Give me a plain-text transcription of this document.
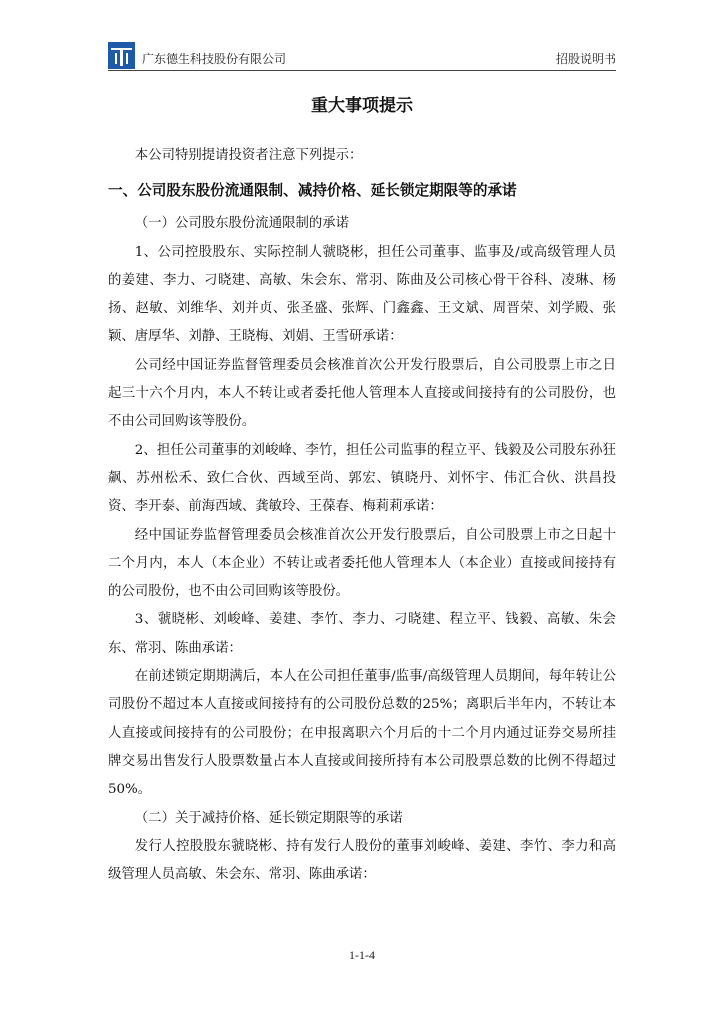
广东德生科技股份有限公司	招股说明书
重大事项提示

本公司特别提请投资者注意下列提示：

一、公司股东股份流通限制、减持价格、延长锁定期限等的承诺
（一）公司股东股份流通限制的承诺

1、公司控股股东、实际控制人虢晓彬，担任公司董事、监事及/或高级管理人员的姜建、李力、刁晓建、高敏、朱会东、常羽、陈曲及公司核心骨干谷科、凌琳、杨扬、赵敏、刘维华、刘并贞、张圣盛、张辉、门鑫鑫、王文斌、周晋荣、刘学殿、张颖、唐厚华、刘静、王晓梅、刘娟、王雪研承诺：

公司经中国证券监督管理委员会核准首次公开发行股票后，自公司股票上市之日起三十六个月内，本人不转让或者委托他人管理本人直接或间接持有的公司股份，也不由公司回购该等股份。

2、担任公司董事的刘峻峰、李竹，担任公司监事的程立平、钱毅及公司股东孙狂飙、苏州松禾、致仁合伙、西域至尚、郭宏、镇晓丹、刘怀宇、伟汇合伙、洪昌投资、李开泰、前海西域、龚敏玲、王葆春、梅莉莉承诺：

经中国证券监督管理委员会核准首次公开发行股票后，自公司股票上市之日起十二个月内，本人（本企业）不转让或者委托他人管理本人（本企业）直接或间接持有的公司股份，也不由公司回购该等股份。

3、虢晓彬、刘峻峰、姜建、李竹、李力、刁晓建、程立平、钱毅、高敏、朱会东、常羽、陈曲承诺：

在前述锁定期期满后，本人在公司担任董事/监事/高级管理人员期间，每年转让公司股份不超过本人直接或间接持有的公司股份总数的25%；离职后半年内，不转让本人直接或间接持有的公司股份；在申报离职六个月后的十二个月内通过证券交易所挂牌交易出售发行人股票数量占本人直接或间接所持有本公司股票总数的比例不得超过 50%。

（二）关于减持价格、延长锁定期限等的承诺

发行人控股股东虢晓彬、持有发行人股份的董事刘峻峰、姜建、李竹、李力和高级管理人员高敏、朱会东、常羽、陈曲承诺：

1-1-4
